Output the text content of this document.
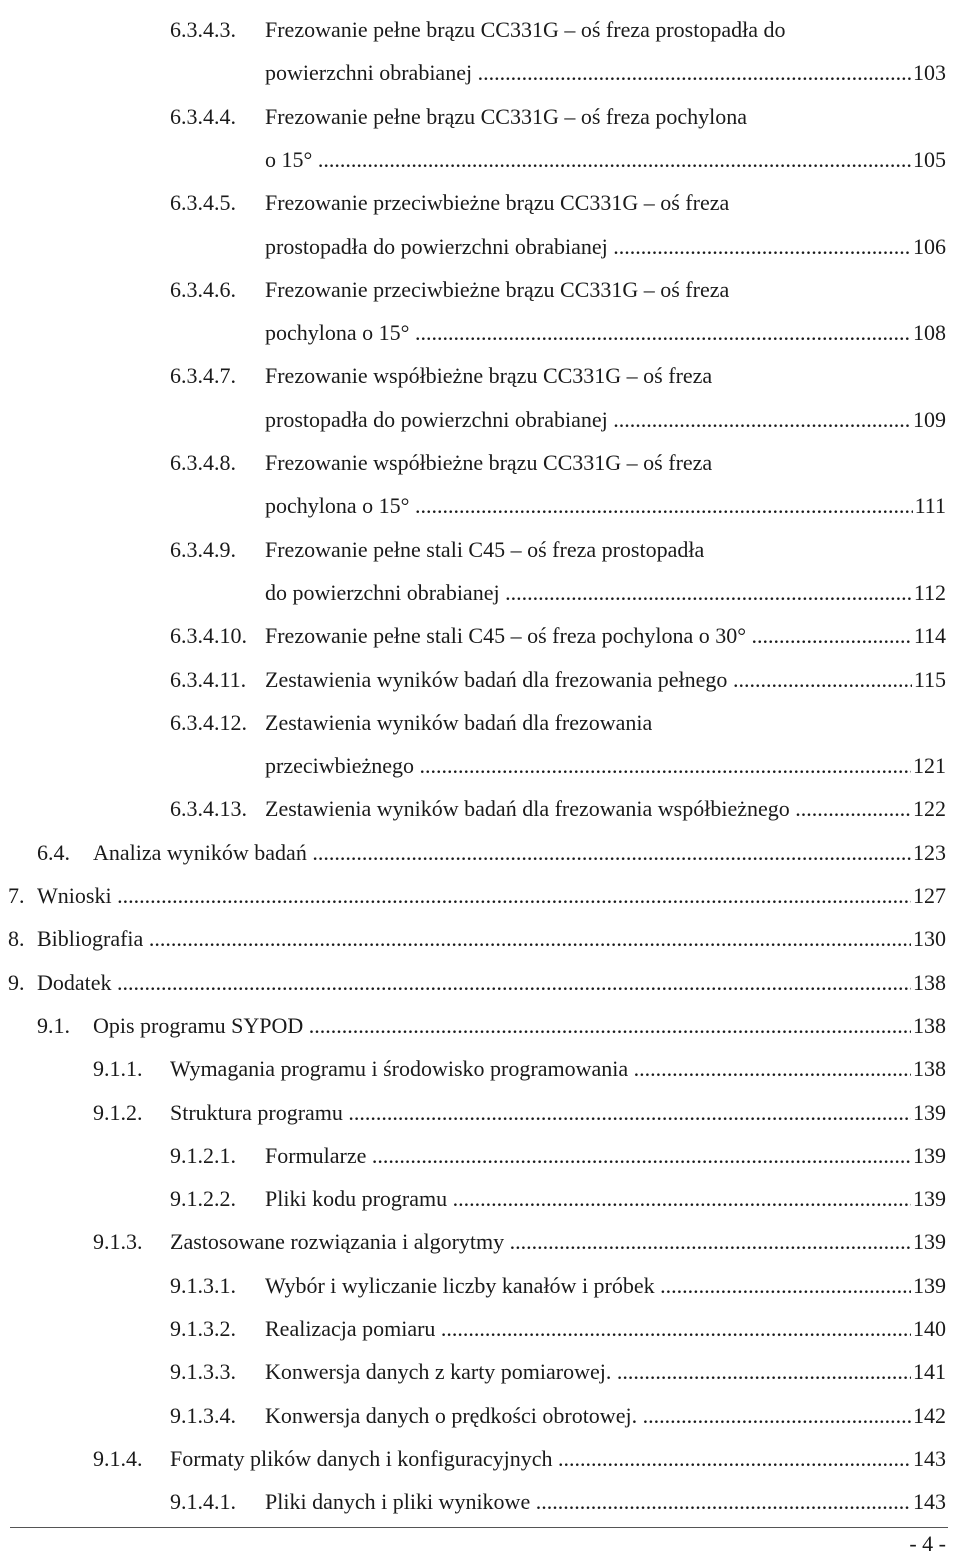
6.3.4.3. Frezowanie pełne brązu CC331G – oś freza prostopadła do
powierzchni obrabianej .....	103
6.3.4.4. Frezowanie pełne brązu CC331G – oś freza pochylona
o 15° .....	105
6.3.4.5. Frezowanie przeciwbieżne brązu CC331G – oś freza
prostopadła do powierzchni obrabianej .....	106
6.3.4.6. Frezowanie przeciwbieżne brązu CC331G – oś freza
pochylona o 15° .....	108
6.3.4.7. Frezowanie współbieżne brązu CC331G – oś freza
prostopadła do powierzchni obrabianej .....	109
6.3.4.8. Frezowanie współbieżne brązu CC331G – oś freza
pochylona o 15° .....	111
6.3.4.9. Frezowanie pełne stali C45 – oś freza prostopadła
do powierzchni obrabianej .....	112
6.3.4.10. Frezowanie pełne stali C45 – oś freza pochylona o 30° .....	114
6.3.4.11. Zestawienia wyników badań dla frezowania pełnego .....	115
6.3.4.12. Zestawienia wyników badań dla frezowania
przeciwbieżnego .....	121
6.3.4.13. Zestawienia wyników badań dla frezowania współbieżnego .....	122
6.4. Analiza wyników badań .....	123
7. Wnioski .....	127
8. Bibliografia .....	130
9. Dodatek .....	138
9.1. Opis programu SYPOD .....	138
9.1.1. Wymagania programu i środowisko programowania .....	138
9.1.2. Struktura programu .....	139
9.1.2.1. Formularze .....	139
9.1.2.2. Pliki kodu programu .....	139
9.1.3. Zastosowane rozwiązania i algorytmy .....	139
9.1.3.1. Wybór i wyliczanie liczby kanałów i próbek .....	139
9.1.3.2. Realizacja pomiaru .....	140
9.1.3.3. Konwersja danych z karty pomiarowej. .....	141
9.1.3.4. Konwersja danych o prędkości obrotowej. .....	142
9.1.4. Formaty plików danych i konfiguracyjnych .....	143
9.1.4.1. Pliki danych i pliki wynikowe .....	143
- 4 -
